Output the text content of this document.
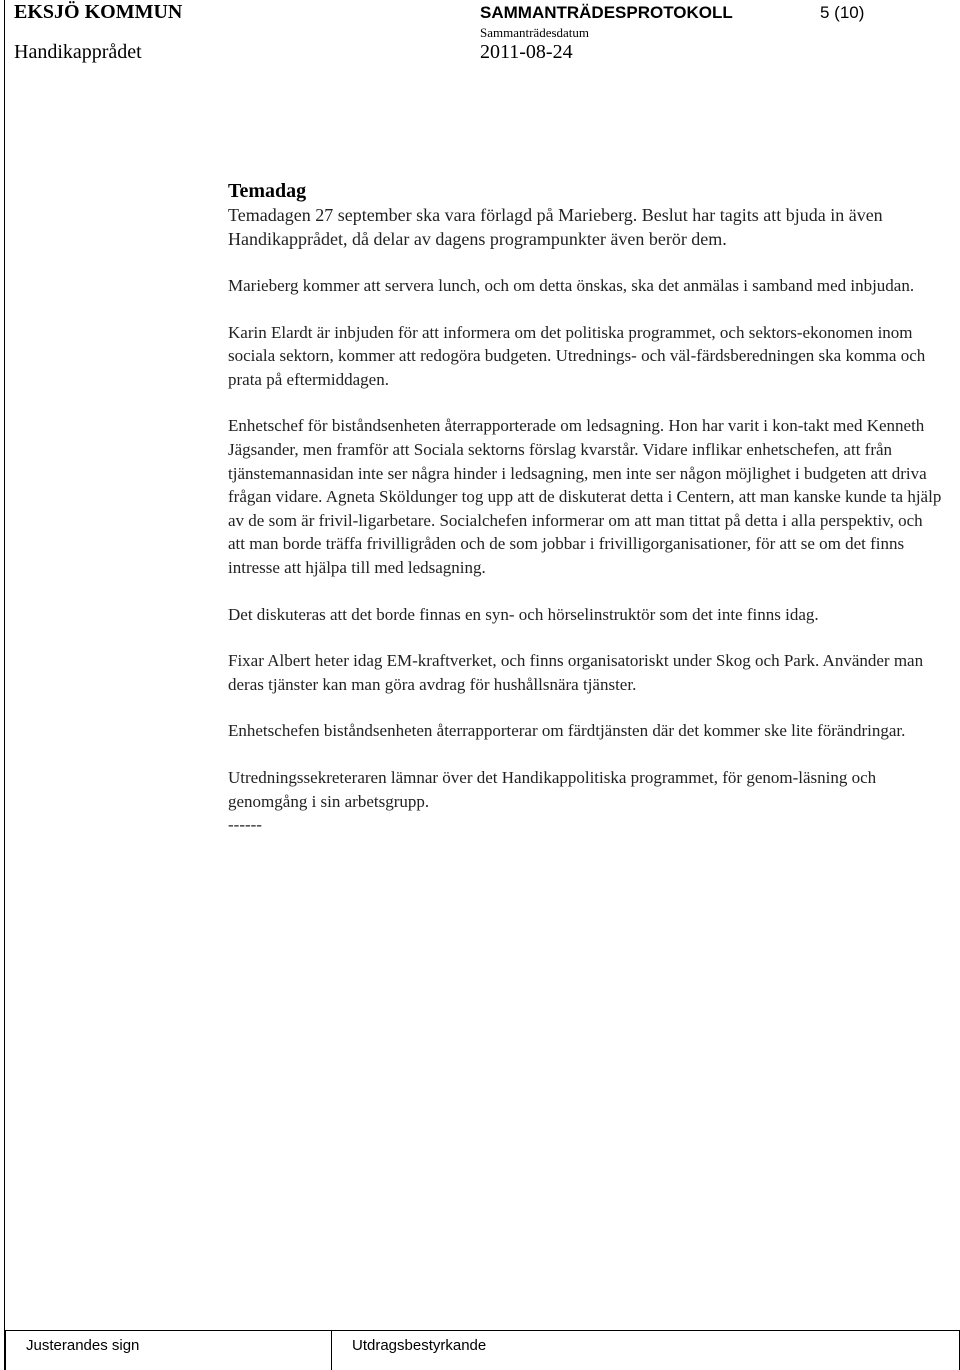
EKSJÖ KOMMUN
Handikapprådet
SAMMANTRÄDESPROTOKOLL
Sammanträdesdatum
2011-08-24
5 (10)
Temadag

Temadagen 27 september ska vara förlagd på Marieberg. Beslut har tagits att bjuda in även Handikapprådet, då delar av dagens programpunkter även berör dem.

Marieberg kommer att servera lunch, och om detta önskas, ska det anmälas i samband med inbjudan.

Karin Elardt är inbjuden för att informera om det politiska programmet, och sektors-ekonomen inom sociala sektorn, kommer att redogöra budgeten. Utrednings- och väl-färdsberedningen ska komma och prata på eftermiddagen.

Enhetschef för biståndsenheten återrapporterade om ledsagning. Hon har varit i kon-takt med Kenneth Jägsander, men framför att Sociala sektorns förslag kvarstår. Vidare inflikar enhetschefen, att från tjänstemannasidan inte ser några hinder i ledsagning, men inte ser någon möjlighet i budgeten att driva frågan vidare. Agneta Sköldunger tog upp att de diskuterat detta i Centern, att man kanske kunde ta hjälp av de som är frivil-ligarbetare. Socialchefen informerar om att man tittat på detta i alla perspektiv, och att man borde träffa frivilligråden och de som jobbar i frivilligorganisationer, för att se om det finns intresse att hjälpa till med ledsagning.

Det diskuteras att det borde finnas en syn- och hörselinstruktör som det inte finns idag.

Fixar Albert heter idag EM-kraftverket, och finns organisatoriskt under Skog och Park. Använder man deras tjänster kan man göra avdrag för hushållsnära tjänster.

Enhetschefen biståndsenheten återrapporterar om färdtjänsten där det kommer ske lite förändringar.

Utredningssekreteraren lämnar över det Handikappolitiska programmet, för genom-läsning och genomgång i sin arbetsgrupp.

------
Justerandes sign	Utdragsbestyrkande
